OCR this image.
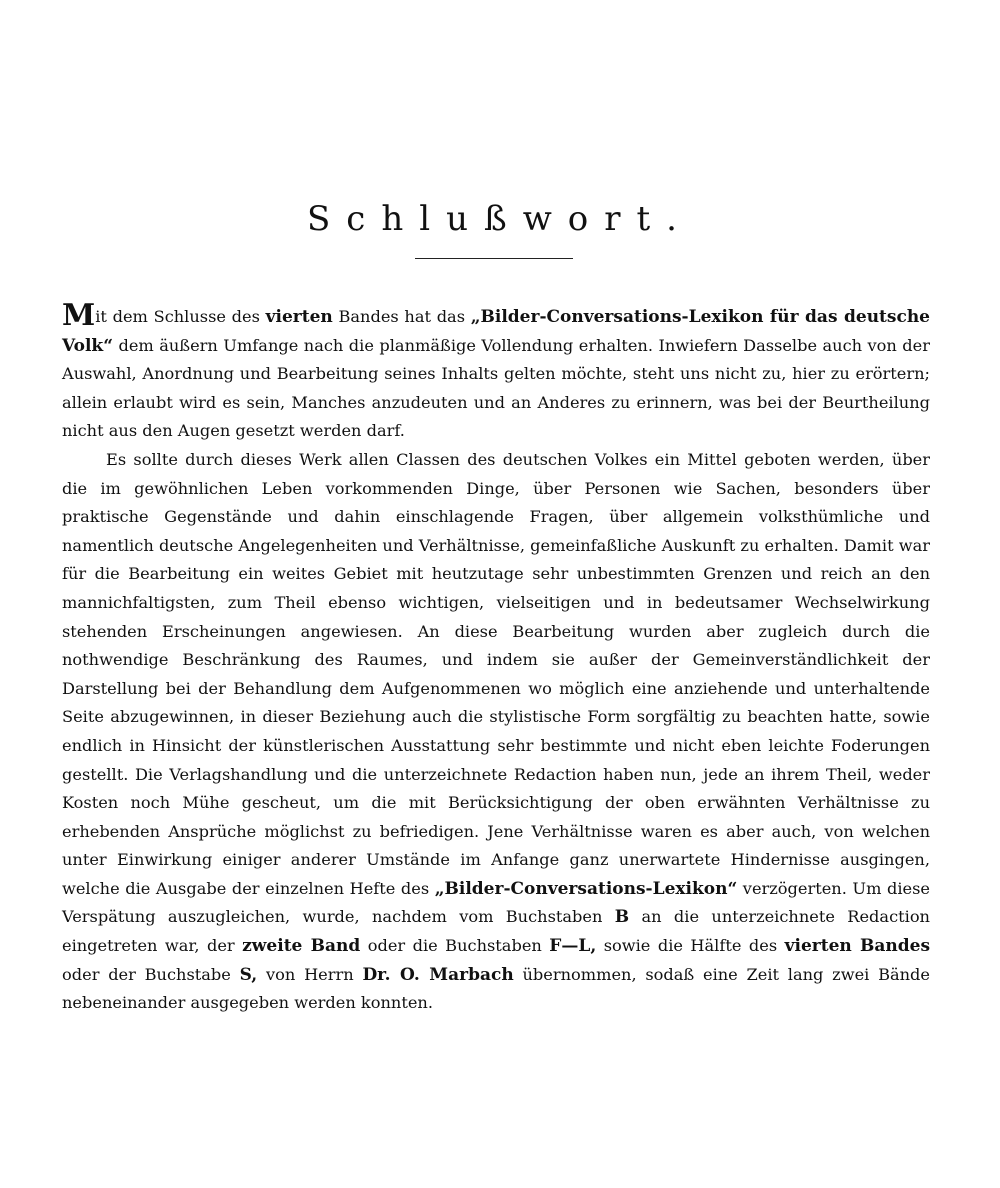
Schlußwort.

Mit dem Schlusse des vierten Bandes hat das „Bilder-Conversations-Lexikon für das deutsche Volk“ dem äußern Umfange nach die planmäßige Vollendung erhalten. Inwiefern Dasselbe auch von der Auswahl, Anordnung und Bearbeitung seines Inhalts gelten möchte, steht uns nicht zu, hier zu erörtern; allein erlaubt wird es sein, Manches anzudeuten und an Anderes zu erinnern, was bei der Beurtheilung nicht aus den Augen gesetzt werden darf.

Es sollte durch dieses Werk allen Classen des deutschen Volkes ein Mittel geboten werden, über die im gewöhnlichen Leben vorkommenden Dinge, über Personen wie Sachen, besonders über praktische Gegenstände und dahin einschlagende Fragen, über allgemein volksthümliche und namentlich deutsche Angelegenheiten und Verhältnisse, gemeinfaßliche Auskunft zu erhalten. Damit war für die Bearbeitung ein weites Gebiet mit heutzutage sehr unbestimmten Grenzen und reich an den mannichfaltigsten, zum Theil ebenso wichtigen, vielseitigen und in bedeutsamer Wechselwirkung stehenden Erscheinungen angewiesen. An diese Bearbeitung wurden aber zugleich durch die nothwendige Beschränkung des Raumes, und indem sie außer der Gemeinverständlichkeit der Darstellung bei der Behandlung dem Aufgenommenen wo möglich eine anziehende und unterhaltende Seite abzugewinnen, in dieser Beziehung auch die stylistische Form sorgfältig zu beachten hatte, sowie endlich in Hinsicht der künstlerischen Ausstattung sehr bestimmte und nicht eben leichte Foderungen gestellt. Die Verlagshandlung und die unterzeichnete Redaction haben nun, jede an ihrem Theil, weder Kosten noch Mühe gescheut, um die mit Berücksichtigung der oben erwähnten Verhältnisse zu erhebenden Ansprüche möglichst zu befriedigen. Jene Verhältnisse waren es aber auch, von welchen unter Einwirkung einiger anderer Umstände im Anfange ganz unerwartete Hindernisse ausgingen, welche die Ausgabe der einzelnen Hefte des „Bilder-Conversations-Lexikon“ verzögerten. Um diese Verspätung auszugleichen, wurde, nachdem vom Buchstaben B an die unterzeichnete Redaction eingetreten war, der zweite Band oder die Buchstaben F—L, sowie die Hälfte des vierten Bandes oder der Buchstabe S, von Herrn Dr. O. Marbach übernommen, sodaß eine Zeit lang zwei Bände nebeneinander ausgegeben werden konnten.
